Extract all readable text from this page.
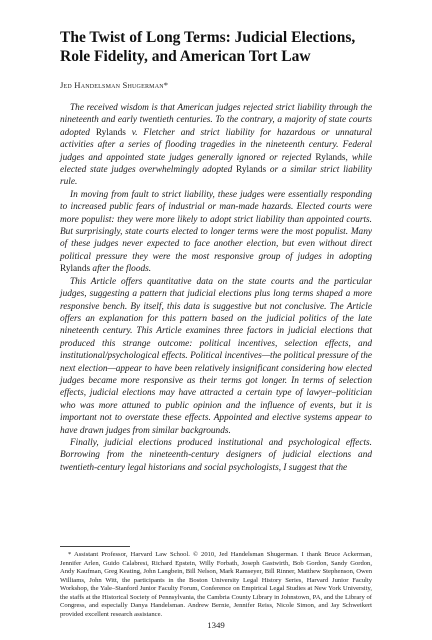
The Twist of Long Terms: Judicial Elections,
Role Fidelity, and American Tort Law
Jed Handelsman Shugerman*

The received wisdom is that American judges rejected strict liability through the nineteenth and early twentieth centuries. To the contrary, a majority of state courts adopted Rylands v. Fletcher and strict liability for hazardous or unnatural activities after a series of flooding tragedies in the nineteenth century. Federal judges and appointed state judges generally ignored or rejected Rylands, while elected state judges overwhelmingly adopted Rylands or a similar strict liability rule.

In moving from fault to strict liability, these judges were essentially responding to increased public fears of industrial or man-made hazards. Elected courts were more populist: they were more likely to adopt strict liability than appointed courts. But surprisingly, state courts elected to longer terms were the most populist. Many of these judges never expected to face another election, but even without direct political pressure they were the most responsive group of judges in adopting Rylands after the floods.

This Article offers quantitative data on the state courts and the particular judges, suggesting a pattern that judicial elections plus long terms shaped a more responsive bench. By itself, this data is suggestive but not conclusive. The Article offers an explanation for this pattern based on the judicial politics of the late nineteenth century. This Article examines three factors in judicial elections that produced this strange outcome: political incentives, selection effects, and institutional/psychological effects. Political incentives—the political pressure of the next election—appear to have been relatively insignificant considering how elected judges became more responsive as their terms got longer. In terms of selection effects, judicial elections may have attracted a certain type of lawyer–politician who was more attuned to public opinion and the influence of events, but it is important not to overstate these effects. Appointed and elective systems appear to have drawn judges from similar backgrounds.

Finally, judicial elections produced institutional and psychological effects. Borrowing from the nineteenth-century designers of judicial elections and twentieth-century legal historians and social psychologists, I suggest that the

* Assistant Professor, Harvard Law School. © 2010, Jed Handelsman Shugerman. I thank Bruce Ackerman, Jennifer Arlen, Guido Calabresi, Richard Epstein, Willy Forbath, Joseph Gastwirth, Bob Gordon, Sandy Gordon, Andy Kaufman, Greg Keating, John Langbein, Bill Nelson, Mark Ramseyer, Bill Rinner, Matthew Stephenson, Owen Williams, John Witt, the participants in the Boston University Legal History Series, Harvard Junior Faculty Workshop, the Yale–Stanford Junior Faculty Forum, Conference on Empirical Legal Studies at New York University, the staffs at the Historical Society of Pennsylvania, the Cambria County Library in Johnstown, PA, and the Library of Congress, and especially Danya Handelsman. Andrew Bernie, Jennifer Reiss, Nicole Simon, and Jay Schweikert provided excellent research assistance.

1349
